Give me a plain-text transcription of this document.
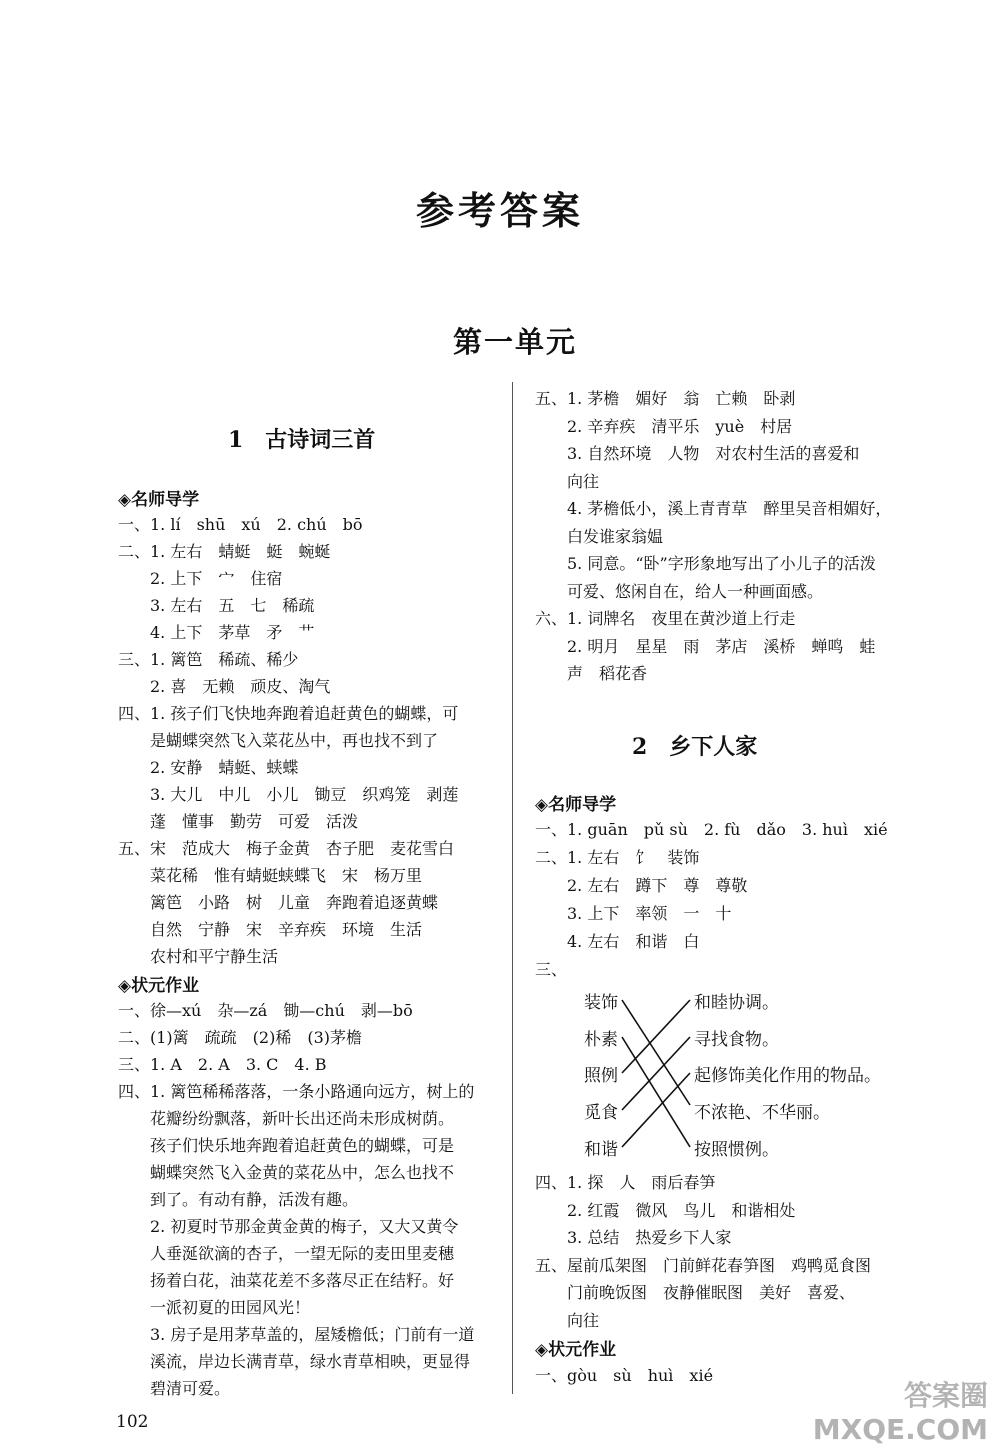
参考答案
第一单元
1　古诗词三首
◈名师导学
一、1. lí　shū　xú　2. chú　bō
二、1. 左右　蜻蜓　蜓　蜿蜒
　　2. 上下　宀　住宿
　　3. 左右　五　七　稀疏
　　4. 上下　茅草　矛　艹
三、1. 篱笆　稀疏、稀少
　　2. 喜　无赖　顽皮、淘气
四、1. 孩子们飞快地奔跑着追赶黄色的蝴蝶，可
　　是蝴蝶突然飞入菜花丛中，再也找不到了
　　2. 安静　蜻蜓、蛱蝶
　　3. 大儿　中儿　小儿　锄豆　织鸡笼　剥莲
　　蓬　懂事　勤劳　可爱　活泼
五、宋　范成大　梅子金黄　杏子肥　麦花雪白
　　菜花稀　惟有蜻蜓蛱蝶飞　宋　杨万里
　　篱笆　小路　树　儿童　奔跑着追逐黄蝶
　　自然　宁静　宋　辛弃疾　环境　生活
　　农村和平宁静生活
◈状元作业
一、徐—xú　杂—zá　锄—chú　剥—bō
二、(1)篱　疏疏　(2)稀　(3)茅檐
三、1. A　2. A　3. C　4. B
四、1. 篱笆稀稀落落，一条小路通向远方，树上的
　　花瓣纷纷飘落，新叶长出还尚未形成树荫。
　　孩子们快乐地奔跑着追赶黄色的蝴蝶，可是
　　蝴蝶突然飞入金黄的菜花丛中，怎么也找不
　　到了。有动有静，活泼有趣。
　　2. 初夏时节那金黄金黄的梅子，又大又黄令
　　人垂涎欲滴的杏子，一望无际的麦田里麦穗
　　扬着白花，油菜花差不多落尽正在结籽。好
　　一派初夏的田园风光！
　　3. 房子是用茅草盖的，屋矮檐低；门前有一道
　　溪流，岸边长满青草，绿水青草相映，更显得
　　碧清可爱。
2　乡下人家
五、1. 茅檐　媚好　翁　亡赖　卧剥
　　2. 辛弃疾　清平乐　yuè　村居
　　3. 自然环境　人物　对农村生活的喜爱和
　　向往
　　4. 茅檐低小，溪上青青草　醉里吴音相媚好，
　　白发谁家翁媪
　　5. 同意。“卧”字形象地写出了小儿子的活泼
　　可爱、悠闲自在，给人一种画面感。
六、1. 词牌名　夜里在黄沙道上行走
　　2. 明月　星星　雨　茅店　溪桥　蝉鸣　蛙
　　声　稻花香
◈名师导学
一、1. guān　pǔ sù　2. fù　dǎo　3. huì　xié
二、1. 左右　饣　装饰
　　2. 左右　蹲下　尊　尊敬
　　3. 上下　率领　一　十
　　4. 左右　和谐　白
三、
四、1. 探　人　雨后春笋
　　2. 红霞　微风　鸟儿　和谐相处
　　3. 总结　热爱乡下人家
五、屋前瓜架图　门前鲜花春笋图　鸡鸭觅食图
　　门前晚饭图　夜静催眠图　美好　喜爱、
　　向往
◈状元作业
一、gòu　sù　huì　xié
装饰
朴素
照例
觅食
和谐
和睦协调。
寻找食物。
起修饰美化作用的物品。
不浓艳、不华丽。
按照惯例。
102
答案圈
MXQE.COM
